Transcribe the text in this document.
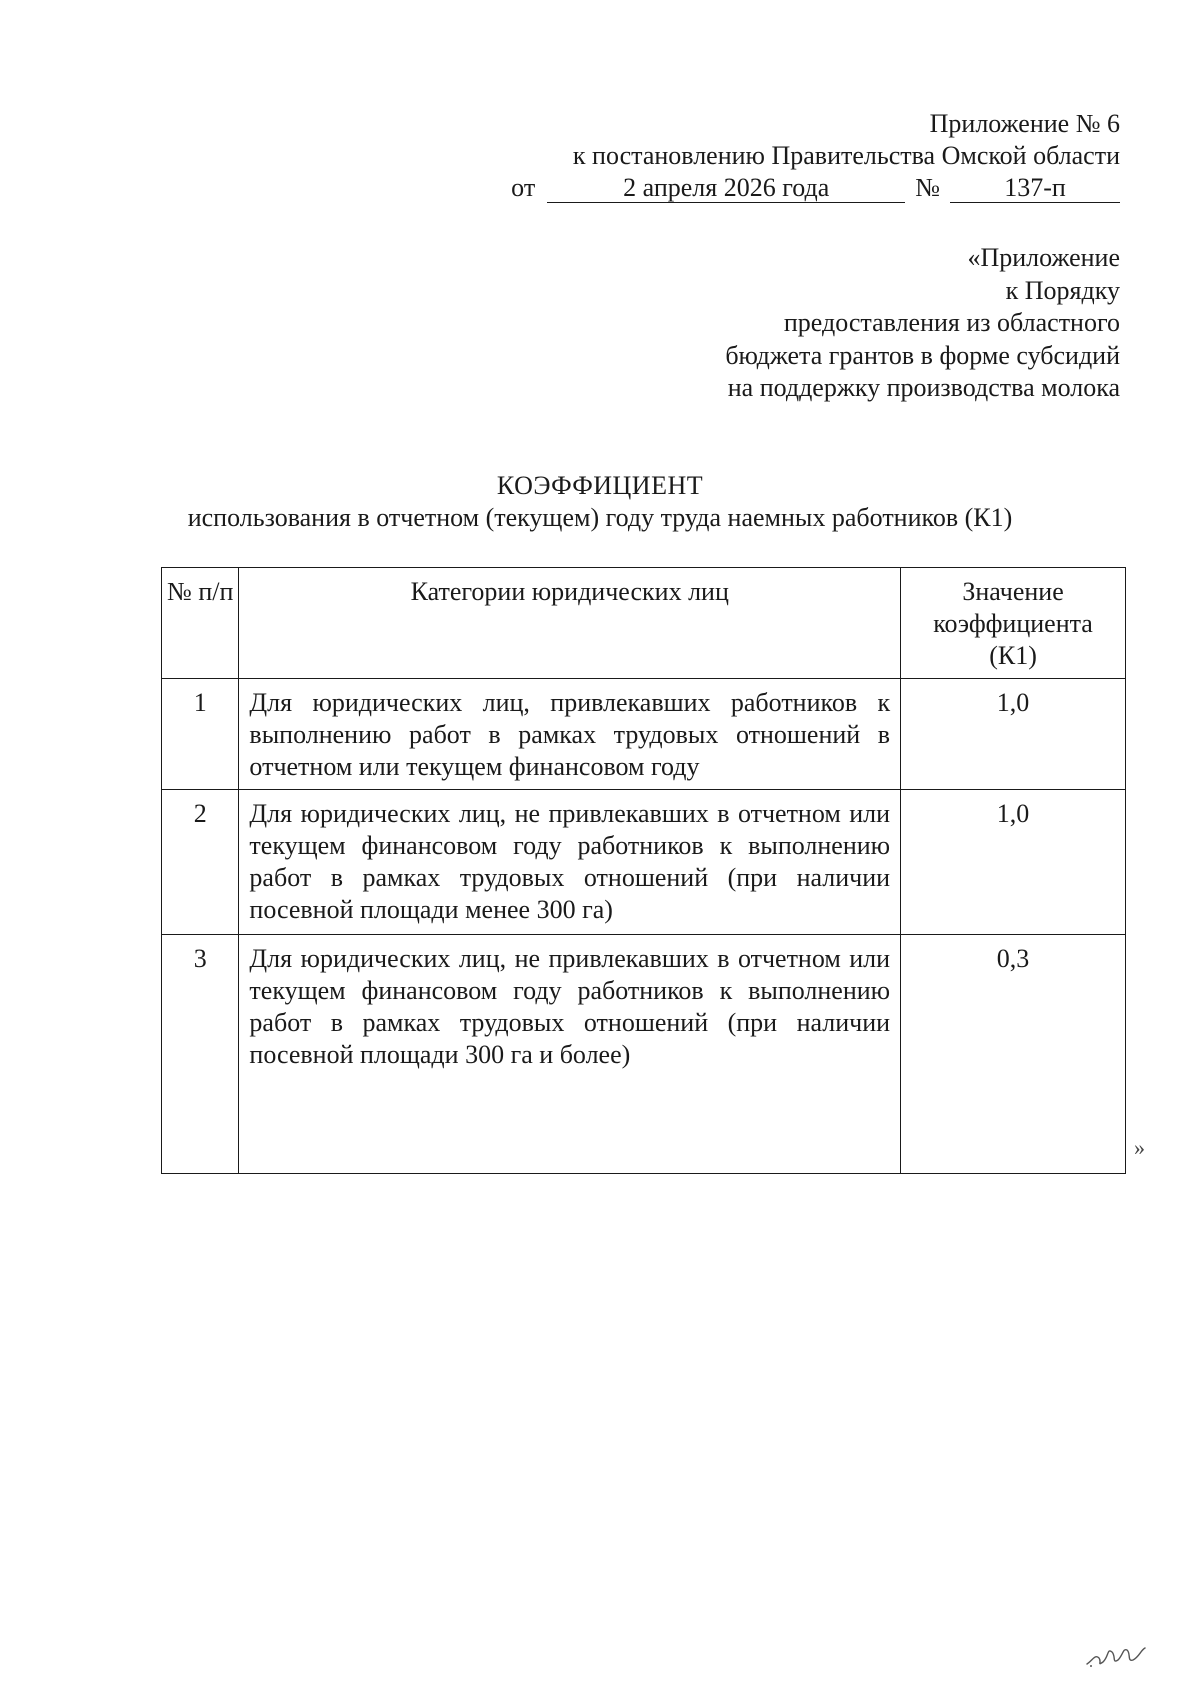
Приложение № 6
к постановлению Правительства Омской области
от	2 апреля 2026 года	№	137-п
«Приложение
к Порядку
предоставления из областного
бюджета грантов в форме субсидий
на поддержку производства молока
КОЭФФИЦИЕНТ
использования в отчетном (текущем) году труда наемных работников (К1)
№ п/п	Категории юридических лиц	Значение коэффициента (К1)
1	Для юридических лиц, привлекавших работников к выполнению работ в рамках трудовых отношений в отчетном или текущем финансовом году	1,0
2	Для юридических лиц, не привлекавших в отчетном или текущем финансовом году работников к выполнению работ в рамках трудовых отношений (при наличии посевной площади менее 300 га)	1,0
3	Для юридических лиц, не привлекавших в отчетном или текущем финансовом году работников к выполнению работ в рамках трудовых отношений (при наличии посевной площади 300 га и более)	0,3
»
